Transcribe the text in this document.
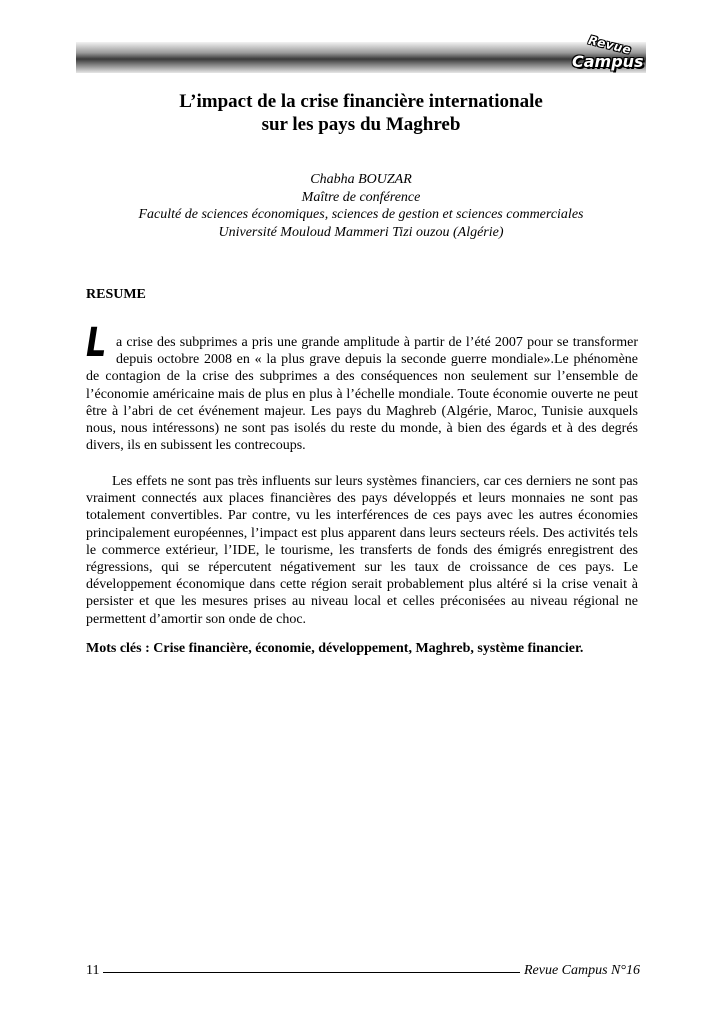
Revue
Campus
L’impact de la crise financière internationale
sur les pays du Maghreb
Chabha BOUZAR
Maître de conférence
Faculté de sciences économiques, sciences de gestion et sciences commerciales
Université Mouloud Mammeri Tizi ouzou (Algérie)
RESUME
La crise des subprimes a pris une grande amplitude à partir de l’été 2007 pour se transformer depuis octobre 2008 en « la plus grave depuis la seconde guerre mondiale».Le phénomène de contagion de la crise des subprimes a des conséquences non seulement sur l’ensemble de l’économie américaine mais de plus en plus à l’échelle mondiale. Toute économie ouverte ne peut être à l’abri de cet événement majeur. Les pays du Maghreb (Algérie, Maroc, Tunisie auxquels nous, nous intéressons) ne sont pas isolés du reste du monde, à bien des égards et à des degrés divers, ils en subissent les contrecoups.
Les effets ne sont pas très influents sur leurs systèmes financiers, car ces derniers ne sont pas vraiment connectés aux places financières des pays développés et leurs monnaies ne sont pas totalement convertibles. Par contre, vu les interférences de ces pays avec les autres économies principalement européennes, l’impact est plus apparent dans leurs secteurs réels. Des activités tels le commerce extérieur, l’IDE, le tourisme, les transferts de fonds des émigrés enregistrent des régressions, qui se répercutent négativement sur les taux de croissance de ces pays. Le développement économique dans cette région serait probablement plus altéré si la crise venait à persister et que les mesures prises au niveau local et celles préconisées au niveau régional ne permettent d’amortir son onde de choc.
Mots clés : Crise financière, économie, développement, Maghreb, système financier.
11	Revue Campus N°16
